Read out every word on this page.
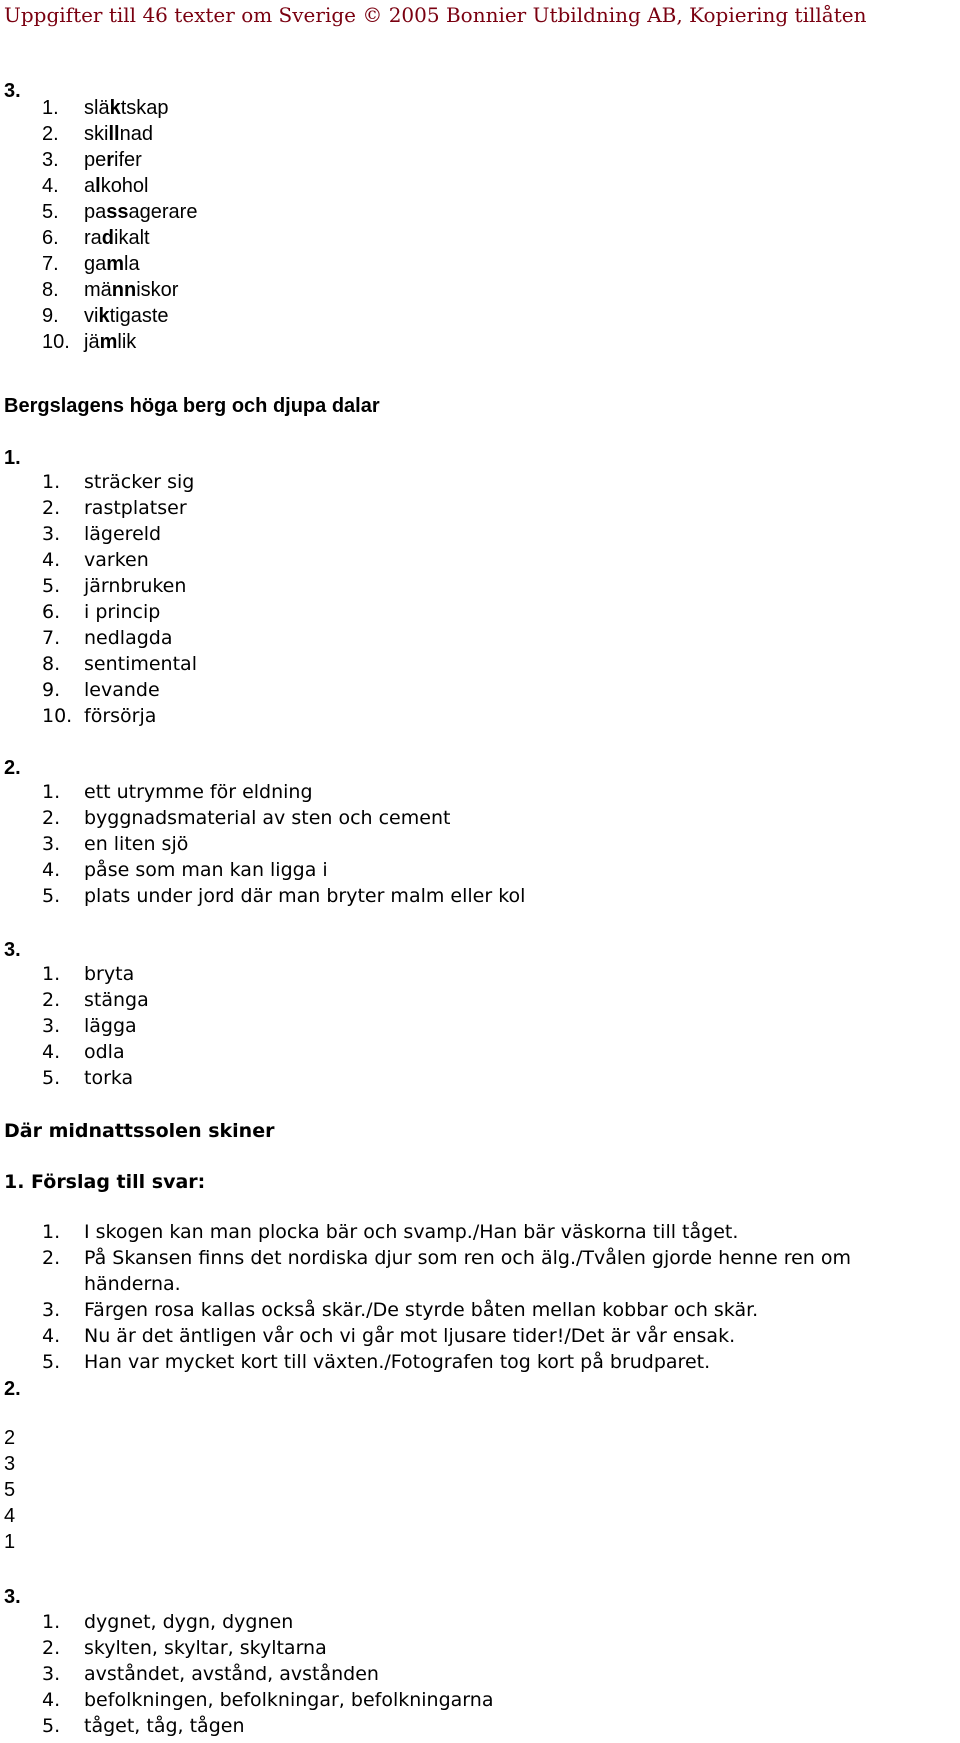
Uppgifter till 46 texter om Sverige © 2005 Bonnier Utbildning AB, Kopiering tillåten
3.
1. släktskap
2. skillnad
3. perifer
4. alkohol
5. passagerare
6. radikalt
7. gamla
8. människor
9. viktigaste
10. jämlik
Bergslagens höga berg och djupa dalar
1.
1. sträcker sig
2. rastplatser
3. lägereld
4. varken
5. järnbruken
6. i princip
7. nedlagda
8. sentimental
9. levande
10. försörja
2.
1. ett utrymme för eldning
2. byggnadsmaterial av sten och cement
3. en liten sjö
4. påse som man kan ligga i
5. plats under jord där man bryter malm eller kol
3.
1. bryta
2. stänga
3. lägga
4. odla
5. torka
Där midnattssolen skiner
1. Förslag till svar:
1. I skogen kan man plocka bär och svamp./Han bär väskorna till tåget.
2. På Skansen finns det nordiska djur som ren och älg./Tvålen gjorde henne ren om
händerna.
3. Färgen rosa kallas också skär./De styrde båten mellan kobbar och skär.
4. Nu är det äntligen vår och vi går mot ljusare tider!/Det är vår ensak.
5. Han var mycket kort till växten./Fotografen tog kort på brudparet.
2.
2
3
5
4
1
3.
1. dygnet, dygn, dygnen
2. skylten, skyltar, skyltarna
3. avståndet, avstånd, avstånden
4. befolkningen, befolkningar, befolkningarna
5. tåget, tåg, tågen
